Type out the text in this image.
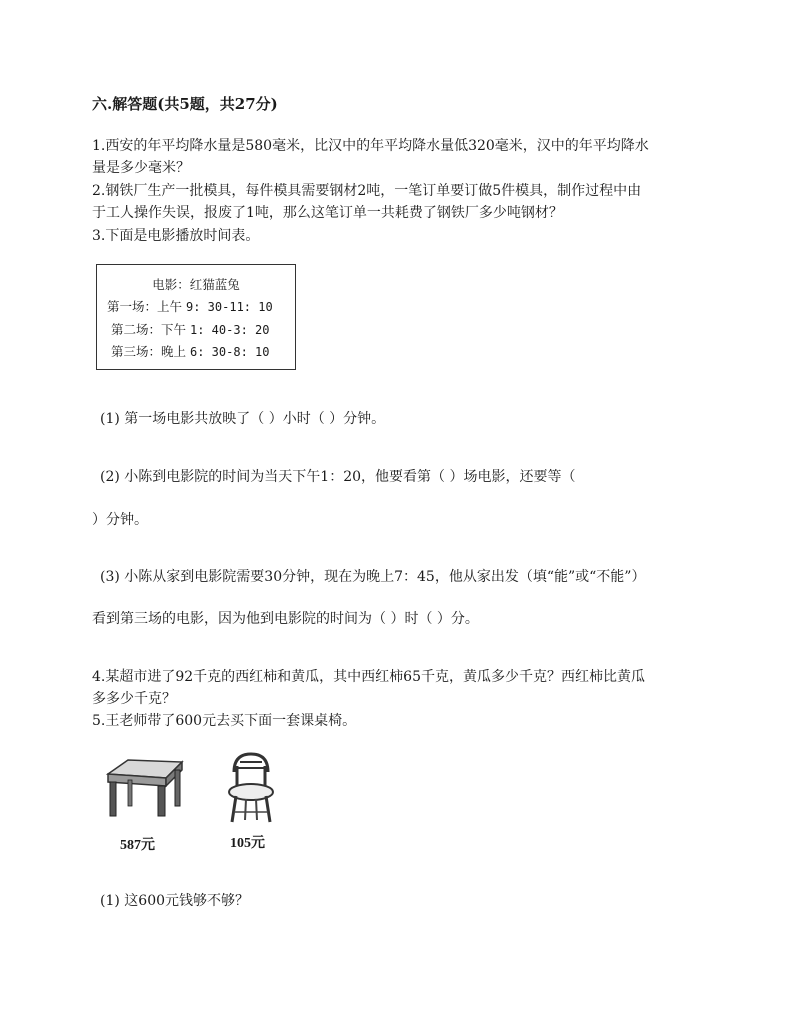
六.解答题(共5题，共27分)
1.西安的年平均降水量是580毫米，比汉中的年平均降水量低320毫米，汉中的年平均降水
量是多少毫米？
2.钢铁厂生产一批模具，每件模具需要钢材2吨，一笔订单要订做5件模具，制作过程中由
于工人操作失误，报废了1吨，那么这笔订单一共耗费了钢铁厂多少吨钢材？
3.下面是电影播放时间表。
电影：红猫蓝兔
第一场：上午 9: 30-11: 10
第二场：下午 1: 40-3: 20
第三场：晚上 6: 30-8: 10
(1) 第一场电影共放映了（ ）小时（ ）分钟。
(2) 小陈到电影院的时间为当天下午1：20，他要看第（ ）场电影，还要等（
）分钟。
(3) 小陈从家到电影院需要30分钟，现在为晚上7：45，他从家出发（填“能”或“不能”）
看到第三场的电影，因为他到电影院的时间为（ ）时（ ）分。
4.某超市进了92千克的西红柿和黄瓜，其中西红柿65千克，黄瓜多少千克？西红柿比黄瓜
多多少千克？
5.王老师带了600元去买下面一套课桌椅。
587元	105元
(1) 这600元钱够不够？
